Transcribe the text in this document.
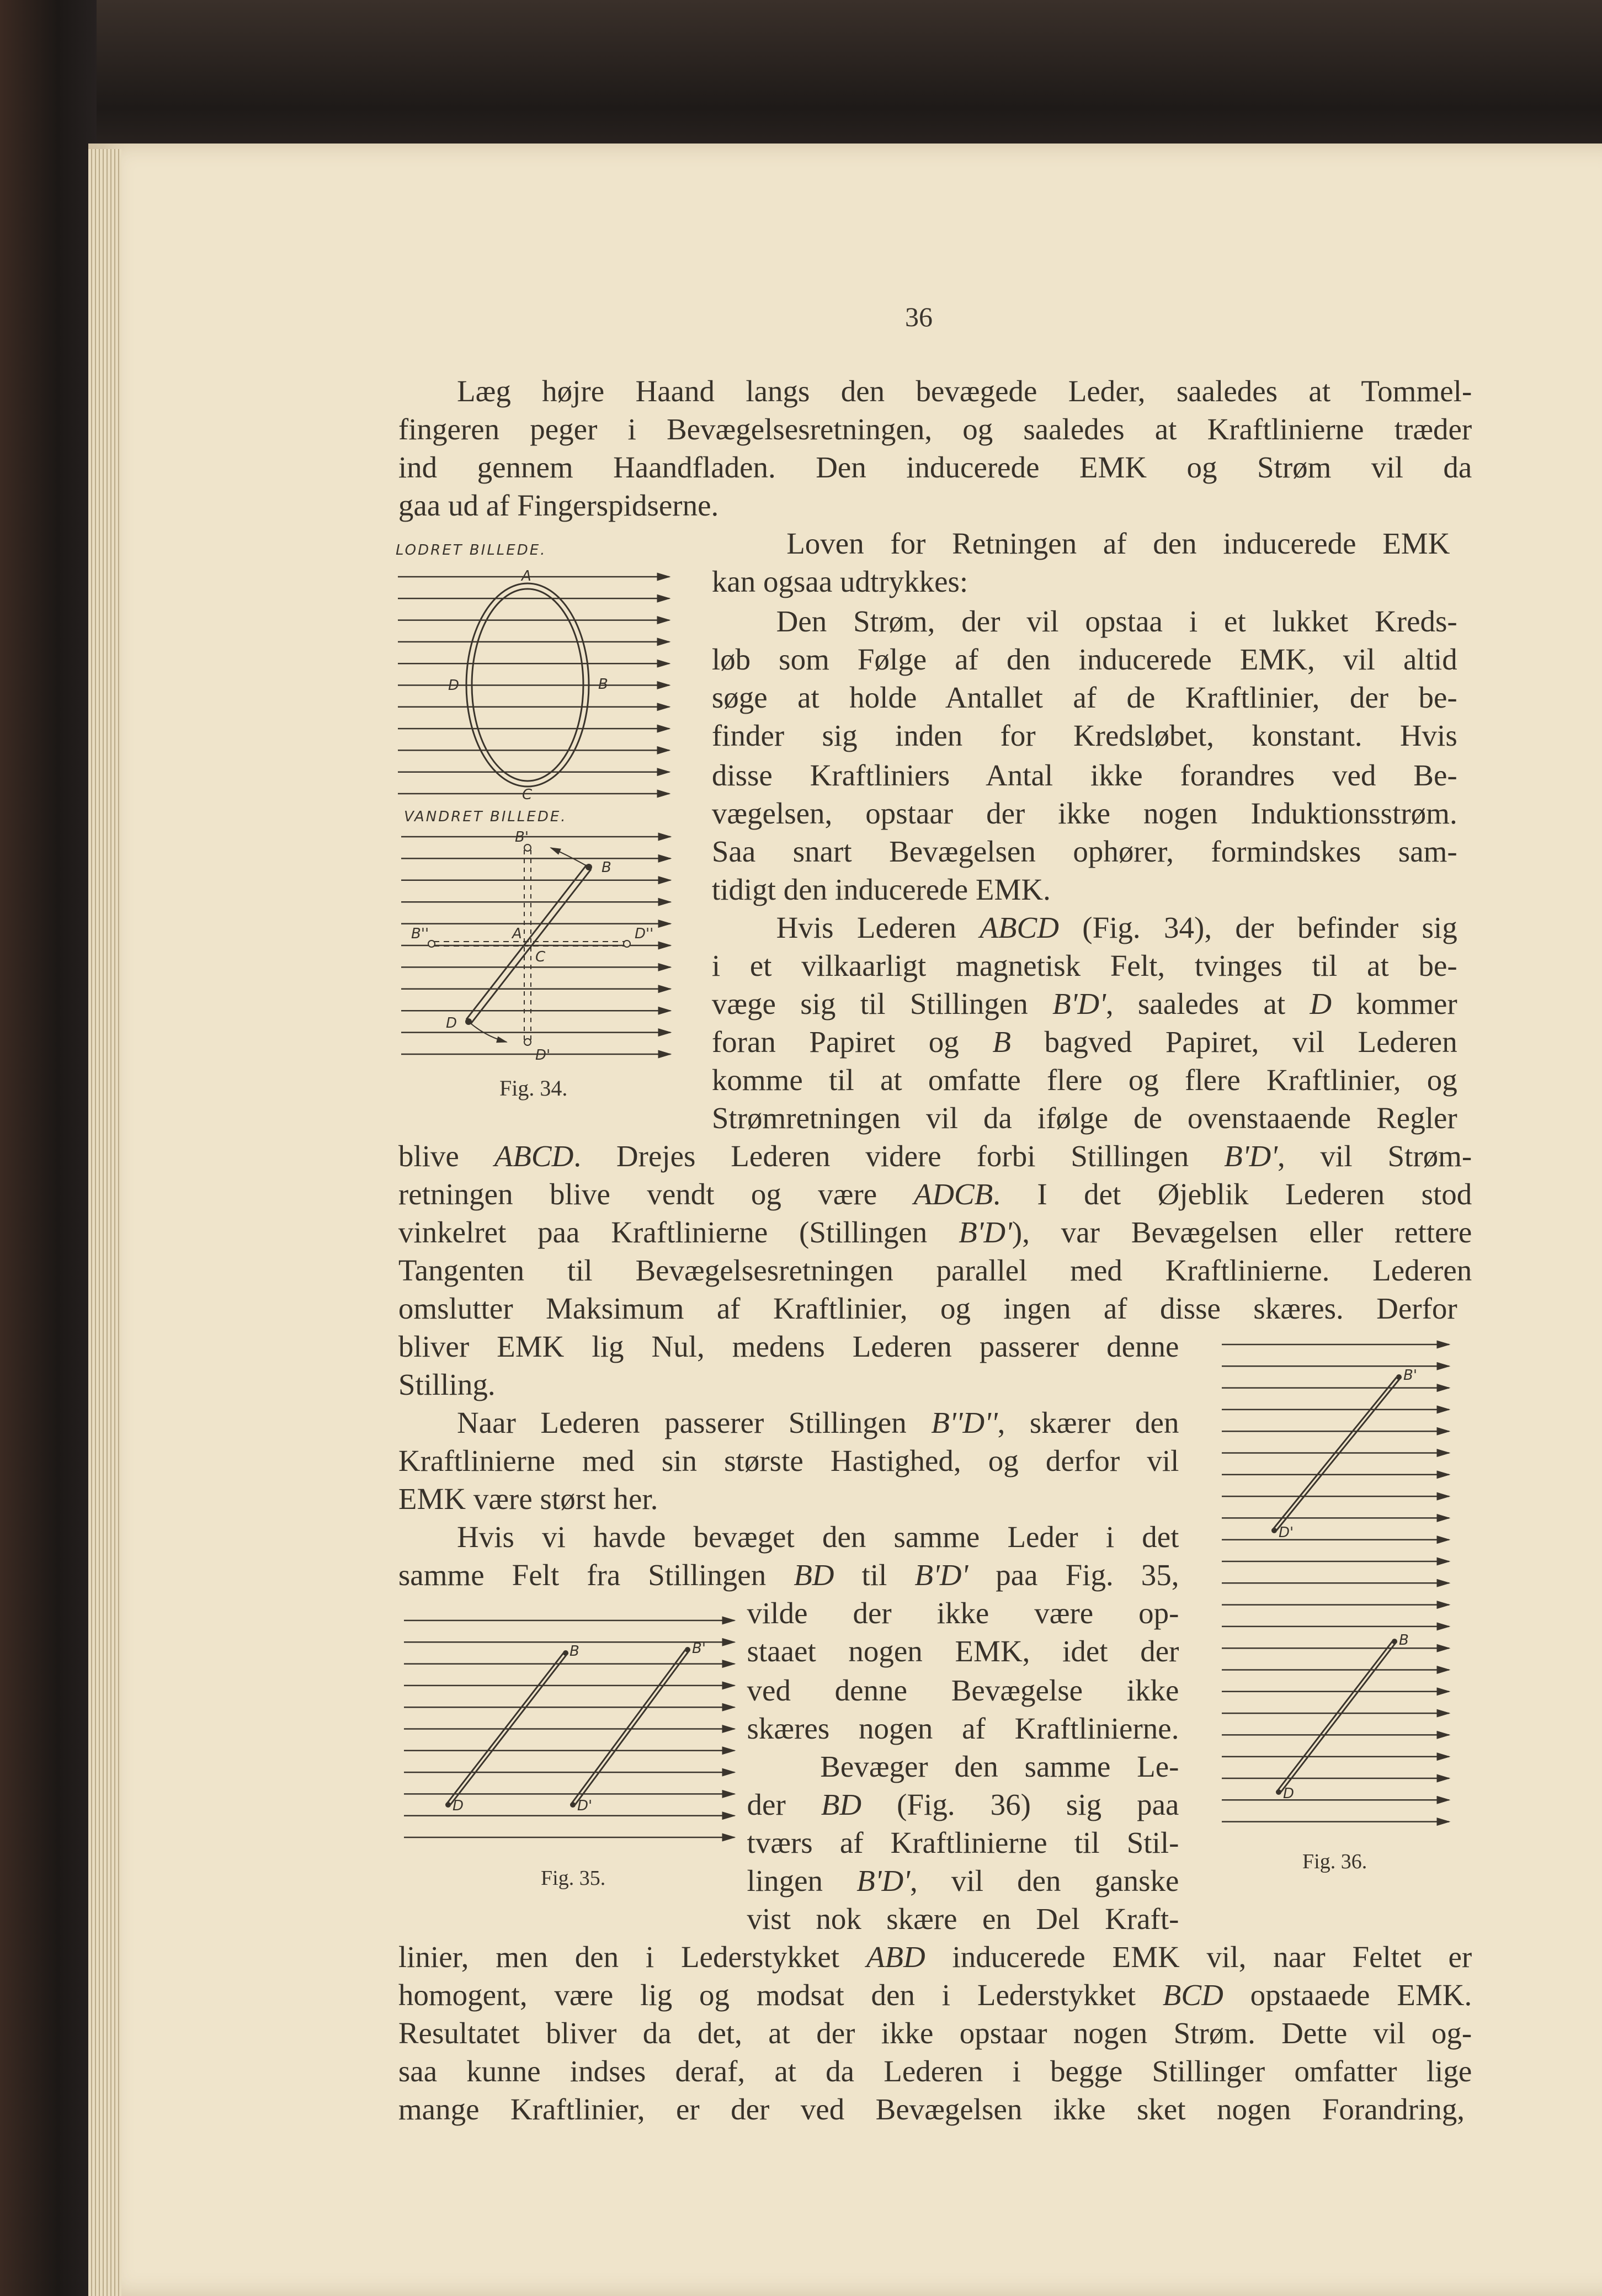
36
Læg højre Haand langs den bevægede Leder, saaledes at Tommel-
fingeren peger i Bevægelsesretningen, og saaledes at Kraftlinierne træder
ind gennem Haandfladen. Den inducerede EMK og Strøm vil da
gaa ud af Fingerspidserne.
Loven for Retningen af den inducerede EMK
kan ogsaa udtrykkes:
Den Strøm, der vil opstaa i et lukket Kreds-
løb som Følge af den inducerede EMK, vil altid
søge at holde Antallet af de Kraftlinier, der be-
finder sig inden for Kredsløbet, konstant. Hvis
disse Kraftliniers Antal ikke forandres ved Be-
vægelsen, opstaar der ikke nogen Induktionsstrøm.
Saa snart Bevægelsen ophører, formindskes sam-
tidigt den inducerede EMK.
Hvis Lederen ABCD (Fig. 34), der befinder sig
i et vilkaarligt magnetisk Felt, tvinges til at be-
væge sig til Stillingen B'D', saaledes at D kommer
foran Papiret og B bagved Papiret, vil Lederen
komme til at omfatte flere og flere Kraftlinier, og
Strømretningen vil da ifølge de ovenstaaende Regler
blive ABCD. Drejes Lederen videre forbi Stillingen B'D', vil Strøm-
retningen blive vendt og være ADCB. I det Øjeblik Lederen stod
vinkelret paa Kraftlinierne (Stillingen B'D'), var Bevægelsen eller rettere
Tangenten til Bevægelsesretningen parallel med Kraftlinierne. Lederen
omslutter Maksimum af Kraftlinier, og ingen af disse skæres. Derfor
bliver EMK lig Nul, medens Lederen passerer denne
Stilling.
Naar Lederen passerer Stillingen B''D'', skærer den
Kraftlinierne med sin største Hastighed, og derfor vil
EMK være størst her.
Hvis vi havde bevæget den samme Leder i det
samme Felt fra Stillingen BD til B'D' paa Fig. 35,
vilde der ikke være op-
staaet nogen EMK, idet der
ved denne Bevægelse ikke
skæres nogen af Kraftlinierne.
Bevæger den samme Le-
der BD (Fig. 36) sig paa
tværs af Kraftlinierne til Stil-
lingen B'D', vil den ganske
vist nok skære en Del Kraft-
linier, men den i Lederstykket ABD inducerede EMK vil, naar Feltet er
homogent, være lig og modsat den i Lederstykket BCD opstaaede EMK.
Resultatet bliver da det, at der ikke opstaar nogen Strøm. Dette vil og-
saa kunne indses deraf, at da Lederen i begge Stillinger omfatter lige
mange Kraftlinier, er der ved Bevægelsen ikke sket nogen Forandring,
LODRET BILLEDE.
A
D	B
C
VANDRET BILLEDE.
B'
B
B''	A	D''
C
D
D'
Fig. 34.
B	B'
D	D'
Fig. 35.
B'
D'
B
D
Fig. 36.
